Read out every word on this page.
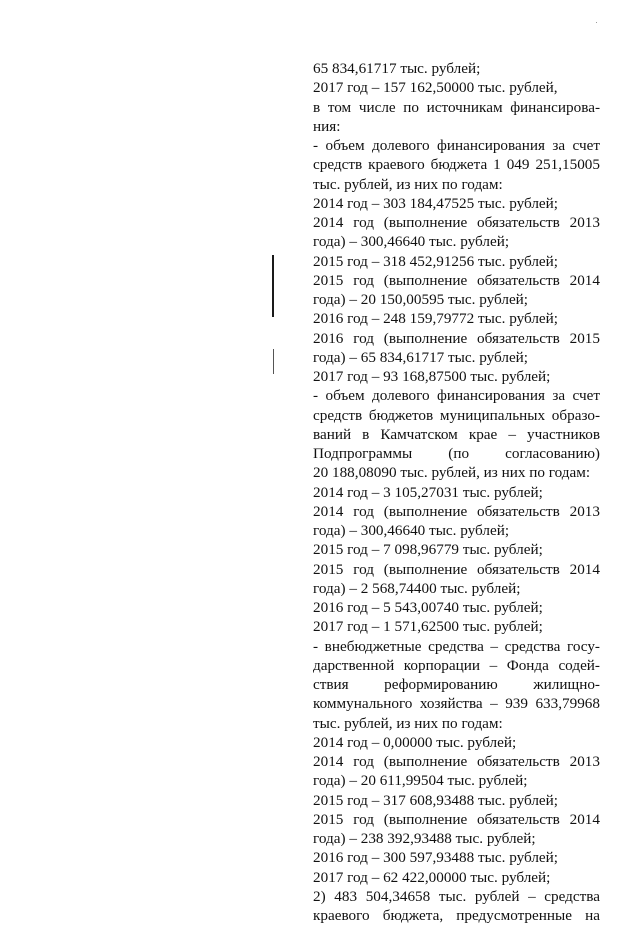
65 834,61717 тыс. рублей;
2017 год – 157 162,50000 тыс. рублей,
в том числе по источникам финансирова-
ния:
- объем долевого финансирования за счет
средств краевого бюджета 1 049 251,15005
тыс. рублей, из них по годам:
2014 год – 303 184,47525 тыс. рублей;
2014 год (выполнение обязательств 2013
года) – 300,46640 тыс. рублей;
2015 год – 318 452,91256 тыс. рублей;
2015 год (выполнение обязательств 2014
года) – 20 150,00595 тыс. рублей;
2016 год – 248 159,79772 тыс. рублей;
2016 год (выполнение обязательств 2015
года) – 65 834,61717 тыс. рублей;
2017 год – 93 168,87500 тыс. рублей;
- объем долевого финансирования за счет
средств бюджетов муниципальных образо-
ваний в Камчатском крае – участников
Подпрограммы (по согласованию)
20 188,08090 тыс. рублей, из них по годам:
2014 год – 3 105,27031 тыс. рублей;
2014 год (выполнение обязательств 2013
года) – 300,46640 тыс. рублей;
2015 год – 7 098,96779 тыс. рублей;
2015 год (выполнение обязательств 2014
года) – 2 568,74400 тыс. рублей;
2016 год – 5 543,00740 тыс. рублей;
2017 год – 1 571,62500 тыс. рублей;
- внебюджетные средства – средства госу-
дарственной корпорации – Фонда содей-
ствия реформированию жилищно-
коммунального хозяйства – 939 633,79968
тыс. рублей, из них по годам:
2014 год – 0,00000 тыс. рублей;
2014 год (выполнение обязательств 2013
года) – 20 611,99504 тыс. рублей;
2015 год – 317 608,93488 тыс. рублей;
2015 год (выполнение обязательств 2014
года) – 238 392,93488 тыс. рублей;
2016 год – 300 597,93488 тыс. рублей;
2017 год – 62 422,00000 тыс. рублей;
2) 483 504,34658 тыс. рублей – средства
краевого бюджета, предусмотренные на
